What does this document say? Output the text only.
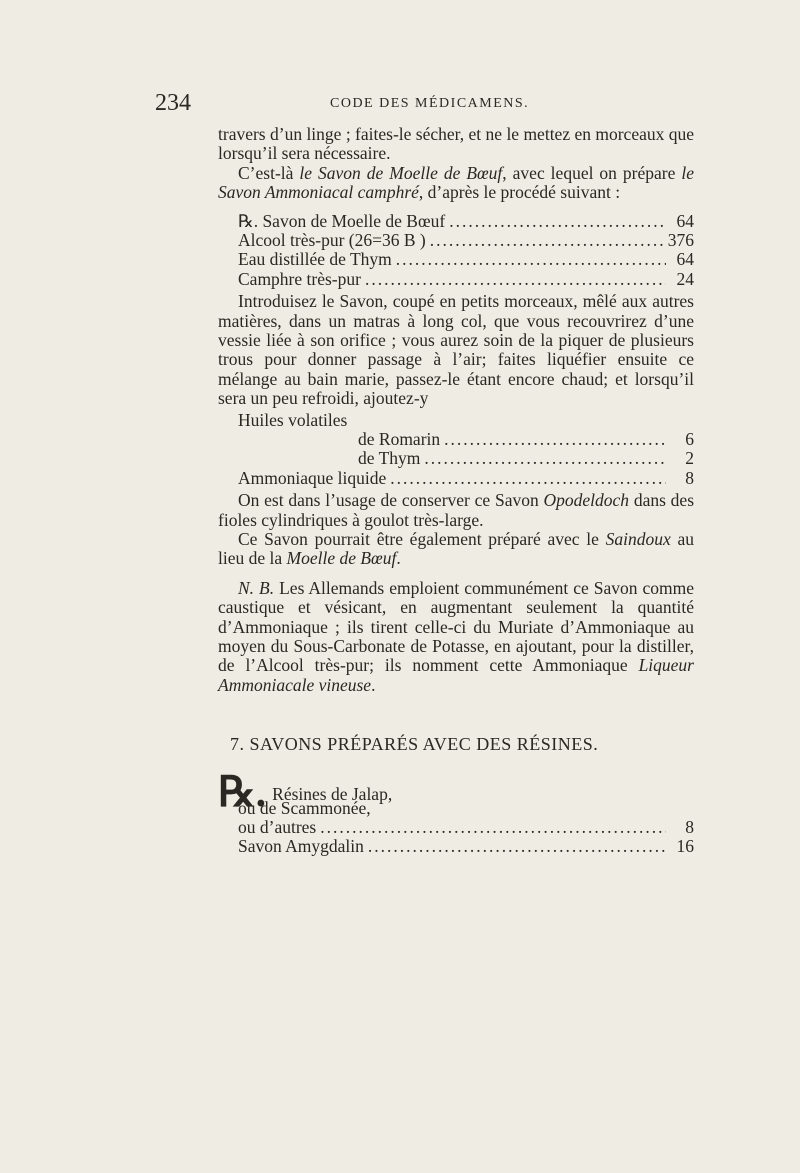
234	CODE DES MÉDICAMENS.

travers d’un linge ; faites-le sécher, et ne le mettez en morceaux que lorsqu’il sera nécessaire.

C’est-là le Savon de Moelle de Bœuf, avec lequel on prépare le Savon Ammoniacal camphré, d’après le procédé suivant :

℞. Savon de Moelle de Bœuf .....	64
Alcool très-pur (26=36 B ) .....	376
Eau distillée de Thym .....	64
Camphre très-pur .....	24

Introduisez le Savon, coupé en petits morceaux, mêlé aux autres matières, dans un matras à long col, que vous recouvrirez d’une vessie liée à son orifice ; vous aurez soin de la piquer de plusieurs trous pour donner passage à l’air; faites liquéfier ensuite ce mélange au bain marie, passez-le étant encore chaud; et lorsqu’il sera un peu refroidi, ajoutez-y

Huiles volatiles
de Romarin .....	6
de Thym .....	2
Ammoniaque liquide .....	8

On est dans l’usage de conserver ce Savon Opodeldoch dans des fioles cylindriques à goulot très-large.

Ce Savon pourrait être également préparé avec le Saindoux au lieu de la Moelle de Bœuf.

N. B. Les Allemands emploient communément ce Savon comme caustique et vésicant, en augmentant seulement la quantité d’Ammoniaque ; ils tirent celle-ci du Muriate d’Ammoniaque au moyen du Sous-Carbonate de Potasse, en ajoutant, pour la distiller, de l’Alcool très-pur; ils nomment cette Ammoniaque Liqueur Ammoniacale vineuse.

7. SAVONS PRÉPARÉS AVEC DES RÉSINES.
℞. Résines de Jalap,
ou de Scammonée,
ou d’autres .....	8
Savon Amygdalin .....	16
